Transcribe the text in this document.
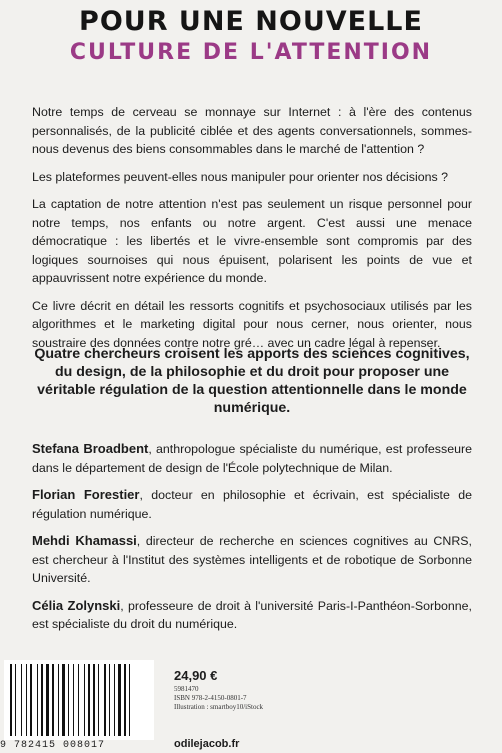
POUR UNE NOUVELLE
CULTURE DE L'ATTENTION

Notre temps de cerveau se monnaye sur Internet : à l'ère des contenus personnalisés, de la publicité ciblée et des agents conversationnels, sommes-nous devenus des biens consommables dans le marché de l'attention ?

Les plateformes peuvent-elles nous manipuler pour orienter nos décisions ?

La captation de notre attention n'est pas seulement un risque personnel pour notre temps, nos enfants ou notre argent. C'est aussi une menace démocratique : les libertés et le vivre-ensemble sont compromis par des logiques sournoises qui nous épuisent, polarisent les points de vue et appauvrissent notre expérience du monde.

Ce livre décrit en détail les ressorts cognitifs et psychosociaux utilisés par les algorithmes et le marketing digital pour nous cerner, nous orienter, nous soustraire des données contre notre gré… avec un cadre légal à repenser.

Quatre chercheurs croisent les apports des sciences cognitives, du design, de la philosophie et du droit pour proposer une véritable régulation de la question attentionnelle dans le monde numérique.

Stefana Broadbent, anthropologue spécialiste du numérique, est professeure dans le département de design de l'École polytechnique de Milan.

Florian Forestier, docteur en philosophie et écrivain, est spécialiste de régulation numérique.

Mehdi Khamassi, directeur de recherche en sciences cognitives au CNRS, est chercheur à l'Institut des systèmes intelligents et de robotique de Sorbonne Université.

Célia Zolynski, professeure de droit à l'université Paris-I-Panthéon-Sorbonne, est spécialiste du droit du numérique.

9 782415 008017
24,90 €
5981470
ISBN 978-2-4150-0801-7
Illustration : smartboy10/iStock
odilejacob.fr
